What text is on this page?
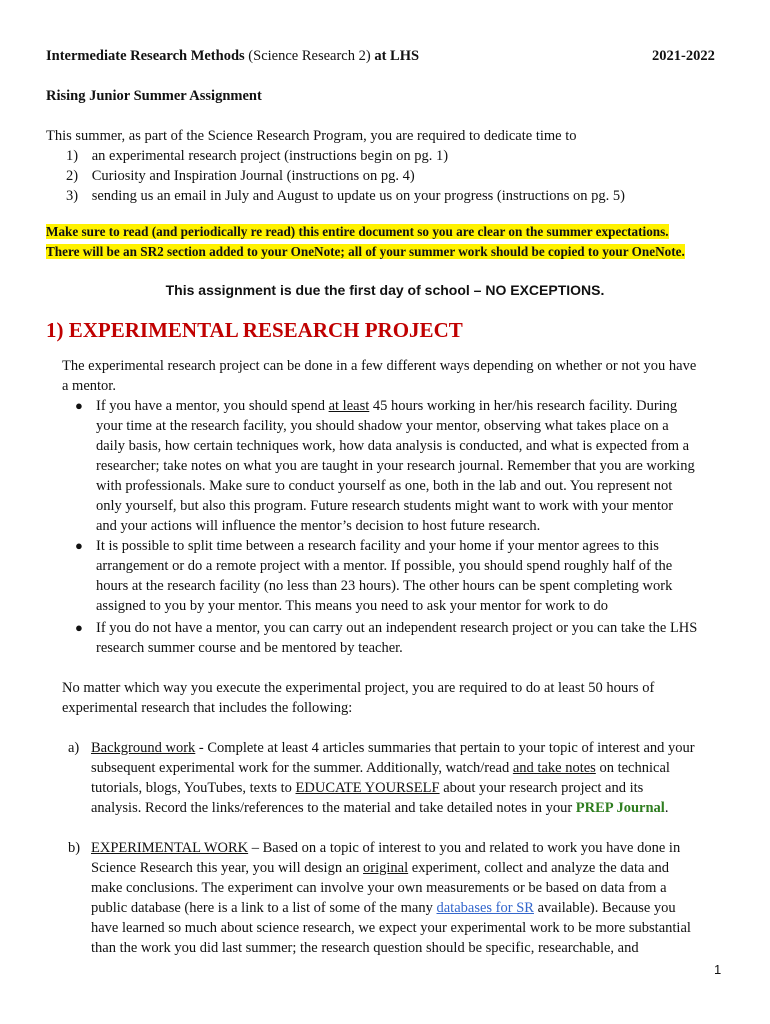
Intermediate Research Methods (Science Research 2) at LHS	2021-2022
Rising Junior Summer Assignment
This summer, as part of the Science Research Program, you are required to dedicate time to
1) an experimental research project (instructions begin on pg. 1)
2) Curiosity and Inspiration Journal (instructions on pg. 4)
3) sending us an email in July and August to update us on your progress (instructions on pg. 5)
Make sure to read (and periodically re read) this entire document so you are clear on the summer expectations.
There will be an SR2 section added to your OneNote; all of your summer work should be copied to your OneNote.
This assignment is due the first day of school – NO EXCEPTIONS.
1) EXPERIMENTAL RESEARCH PROJECT
The experimental research project can be done in a few different ways depending on whether or not you have
a mentor.
● If you have a mentor, you should spend at least 45 hours working in her/his research facility. During
your time at the research facility, you should shadow your mentor, observing what takes place on a
daily basis, how certain techniques work, how data analysis is conducted, and what is expected from a
researcher; take notes on what you are taught in your research journal. Remember that you are working
with professionals. Make sure to conduct yourself as one, both in the lab and out. You represent not
only yourself, but also this program. Future research students might want to work with your mentor
and your actions will influence the mentor’s decision to host future research.
● It is possible to split time between a research facility and your home if your mentor agrees to this
arrangement or do a remote project with a mentor. If possible, you should spend roughly half of the
hours at the research facility (no less than 23 hours). The other hours can be spent completing work
assigned to you by your mentor. This means you need to ask your mentor for work to do
● If you do not have a mentor, you can carry out an independent research project or you can take the LHS
research summer course and be mentored by teacher.
No matter which way you execute the experimental project, you are required to do at least 50 hours of
experimental research that includes the following:
a) Background work - Complete at least 4 articles summaries that pertain to your topic of interest and your
subsequent experimental work for the summer. Additionally, watch/read and take notes on technical
tutorials, blogs, YouTubes, texts to EDUCATE YOURSELF about your research project and its
analysis. Record the links/references to the material and take detailed notes in your PREP Journal.
b) EXPERIMENTAL WORK – Based on a topic of interest to you and related to work you have done in
Science Research this year, you will design an original experiment, collect and analyze the data and
make conclusions. The experiment can involve your own measurements or be based on data from a
public database (here is a link to a list of some of the many databases for SR available). Because you
have learned so much about science research, we expect your experimental work to be more substantial
than the work you did last summer; the research question should be specific, researchable, and
1
